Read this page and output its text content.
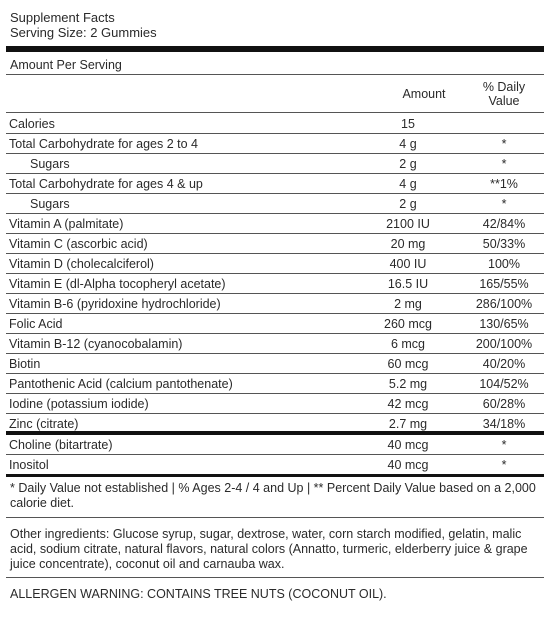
Supplement Facts
Serving Size: 2 Gummies
Amount Per Serving
Amount	% Daily
Value
Calories	15	
Total Carbohydrate for ages 2 to 4	4 g	*
Sugars	2 g	*
Total Carbohydrate for ages 4 & up	4 g	**1%
Sugars	2 g	*
Vitamin A (palmitate)	2100 IU	42/84%
Vitamin C (ascorbic acid)	20 mg	50/33%
Vitamin D (cholecalciferol)	400 IU	100%
Vitamin E (dl-Alpha tocopheryl acetate)	16.5 IU	165/55%
Vitamin B-6 (pyridoxine hydrochloride)	2 mg	286/100%
Folic Acid	260 mcg	130/65%
Vitamin B-12 (cyanocobalamin)	6 mcg	200/100%
Biotin	60 mcg	40/20%
Pantothenic Acid (calcium pantothenate)	5.2 mg	104/52%
Iodine (potassium iodide)	42 mcg	60/28%
Zinc (citrate)	2.7 mg	34/18%
Choline (bitartrate)	40 mcg	*
Inositol	40 mcg	*
* Daily Value not established | % Ages 2-4 / 4 and Up | ** Percent Daily Value based on a 2,000 calorie diet.
Other ingredients: Glucose syrup, sugar, dextrose, water, corn starch modified, gelatin, malic acid, sodium citrate, natural flavors, natural colors (Annatto, turmeric, elderberry juice & grape juice concentrate), coconut oil and carnauba wax.
ALLERGEN WARNING: CONTAINS TREE NUTS (COCONUT OIL).
